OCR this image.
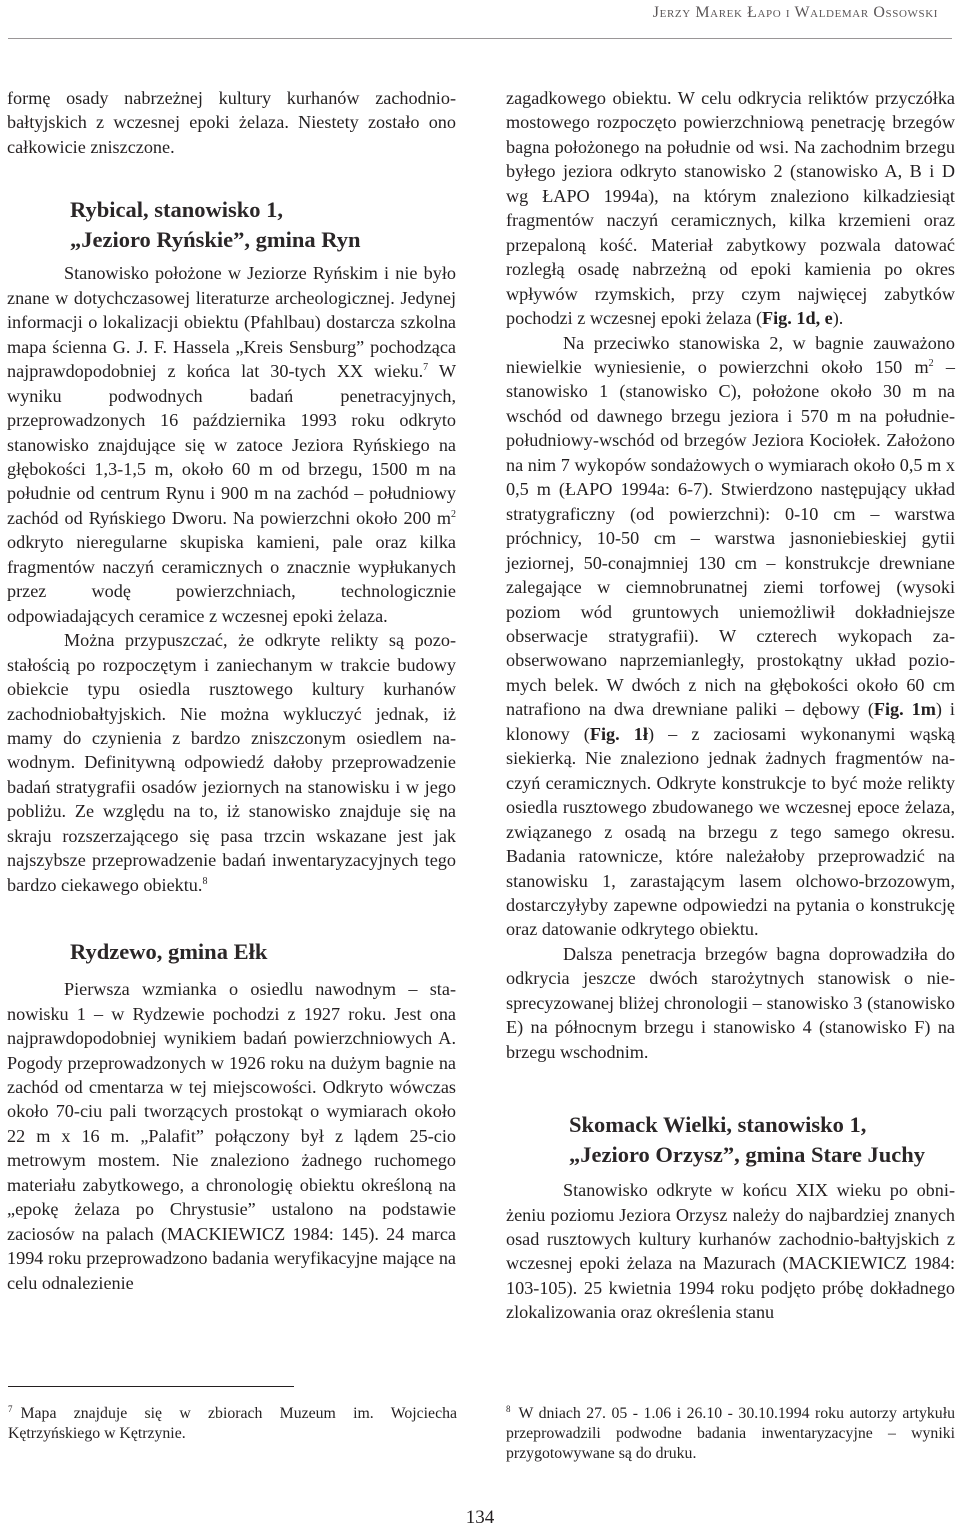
Jerzy Marek Łapo i Waldemar Ossowski

formę osady nabrzeżnej kultury kurhanów zachodniobałtyjskich z wczesnej epoki żelaza. Niestety zostało ono całkowicie zniszczone.

Rybical, stanowisko 1,
„Jezioro Ryńskie”, gmina Ryn

Stanowisko położone w Jeziorze Ryńskim i nie było znane w dotychczasowej literaturze archeologicznej. Jedynej informacji o lokalizacji obiektu (Pfahlbau) dostarcza szkolna mapa ścienna G. J. F. Hassela „Kreis Sensburg” pochodząca najprawdopodobniej z końca lat 30-tych XX wieku.$^7$ W wyniku podwodnych badań penetracyjnych, przeprowadzonych 16 października 1993 roku odkryto stanowisko znajdujące się w zatoce Jeziora Ryńskiego na głębokości 1,3-1,5 m, około 60 m od brzegu, 1500 m na południe od centrum Rynu i 900 m na zachód – południowy zachód od Ryńskiego Dworu. Na powierzchni około 200 $m^2$ odkryto nieregularne skupiska kamieni, pale oraz kilka fragmentów naczyń ceramicznych o znacznie wypłukanych przez wodę powierzchniach, technologicznie odpowiadających ceramice z wczesnej epoki żelaza.

Można przypuszczać, że odkryte relikty są pozostałością po rozpoczętym i zaniechanym w trakcie budowy obiekcie typu osiedla rusztowego kultury kurhanów zachodniobałtyjskich. Nie można wykluczyć jednak, iż mamy do czynienia z bardzo zniszczonym osiedlem nawodnym. Definitywną odpowiedź dałoby przeprowadzenie badań stratygrafii osadów jeziornych na stanowisku i w jego pobliżu. Ze względu na to, iż stanowisko znajduje się na skraju rozszerzającego się pasa trzcin wskazane jest jak najszybsze przeprowadzenie badań inwentaryzacyjnych tego bardzo ciekawego obiektu.$^8$

Rydzewo, gmina Ełk

Pierwsza wzmianka o osiedlu nawodnym – stanowisku 1 – w Rydzewie pochodzi z 1927 roku. Jest ona najprawdopodobniej wynikiem badań powierzchniowych A. Pogody przeprowadzonych w 1926 roku na dużym bagnie na zachód od cmentarza w tej miejscowości. Odkryto wówczas około 70-ciu pali tworzących prostokąt o wymiarach około 22 m x 16 m. „Palafit” połączony był z lądem 25-cio metrowym mostem. Nie znaleziono żadnego ruchomego materiału zabytkowego, a chronologię obiektu określoną na „epokę żelaza po Chrystusie” ustalono na podstawie zaciosów na palach (MACKIEWICZ 1984: 145). 24 marca 1994 roku przeprowadzono badania weryfikacyjne mające na celu odnalezienie

zagadkowego obiektu. W celu odkrycia reliktów przyczółka mostowego rozpoczęto powierzchniową penetrację brzegów bagna położonego na południe od wsi. Na zachodnim brzegu byłego jeziora odkryto stanowisko 2 (stanowisko A, B i D wg ŁAPO 1994a), na którym znaleziono kilkadziesiąt fragmentów naczyń ceramicznych, kilka krzemieni oraz przepaloną kość. Materiał zabytkowy pozwala datować rozległą osadę nabrzeżną od epoki kamienia po okres wpływów rzymskich, przy czym najwięcej zabytków pochodzi z wczesnej epoki żelaza (Fig. 1d, e).

Na przeciwko stanowiska 2, w bagnie zauważono niewielkie wyniesienie, o powierzchni około 150 $m^2$ – stanowisko 1 (stanowisko C), położone około 30 m na wschód od dawnego brzegu jeziora i 570 m na południepołudniowy-wschód od brzegów Jeziora Kociołek. Założono na nim 7 wykopów sondażowych o wymiarach około 0,5 m x 0,5 m (ŁAPO 1994a: 6-7). Stwierdzono następujący układ stratygraficzny (od powierzchni): 0-10 cm – warstwa próchnicy, 10-50 cm – warstwa jasnoniebieskiej gytii jeziornej, 50-conajmniej 130 cm – konstrukcje drewniane zalegające w ciemnobrunatnej ziemi torfowej (wysoki poziom wód gruntowych uniemożliwił dokładniejsze obserwacje stratygrafii). W czterech wykopach zaobserwowano naprzemianległy, prostokątny układ poziomych belek. W dwóch z nich na głębokości około 60 cm natrafiono na dwa drewniane paliki – dębowy (Fig. 1m) i klonowy (Fig. 1ł) – z zaciosami wykonanymi wąską siekierką. Nie znaleziono jednak żadnych fragmentów naczyń ceramicznych. Odkryte konstrukcje to być może relikty osiedla rusztowego zbudowanego we wczesnej epoce żelaza, związanego z osadą na brzegu z tego samego okresu. Badania ratownicze, które należałoby przeprowadzić na stanowisku 1, zarastającym lasem olchowo-brzozowym, dostarczyłyby zapewne odpowiedzi na pytania o konstrukcję oraz datowanie odkrytego obiektu.

Dalsza penetracja brzegów bagna doprowadziła do odkrycia jeszcze dwóch starożytnych stanowisk o niesprecyzowanej bliżej chronologii – stanowisko 3 (stanowisko E) na północnym brzegu i stanowisko 4 (stanowisko F) na brzegu wschodnim.

Skomack Wielki, stanowisko 1,
„Jezioro Orzysz”, gmina Stare Juchy

Stanowisko odkryte w końcu XIX wieku po obniżeniu poziomu Jeziora Orzysz należy do najbardziej znanych osad rusztowych kultury kurhanów zachodnio-bałtyjskich z wczesnej epoki żelaza na Mazurach (MACKIEWICZ 1984: 103-105). 25 kwietnia 1994 roku podjęto próbę dokładnego zlokalizowania oraz określenia stanu

$^7$ Mapa znajduje się w zbiorach Muzeum im. Wojciecha Kętrzyńskiego w Kętrzynie.
$^8$ W dniach 27. 05 - 1.06 i 26.10 - 30.10.1994 roku autorzy artykułu przeprowadzili podwodne badania inwentaryzacyjne – wyniki przygotowywane są do druku.
134
